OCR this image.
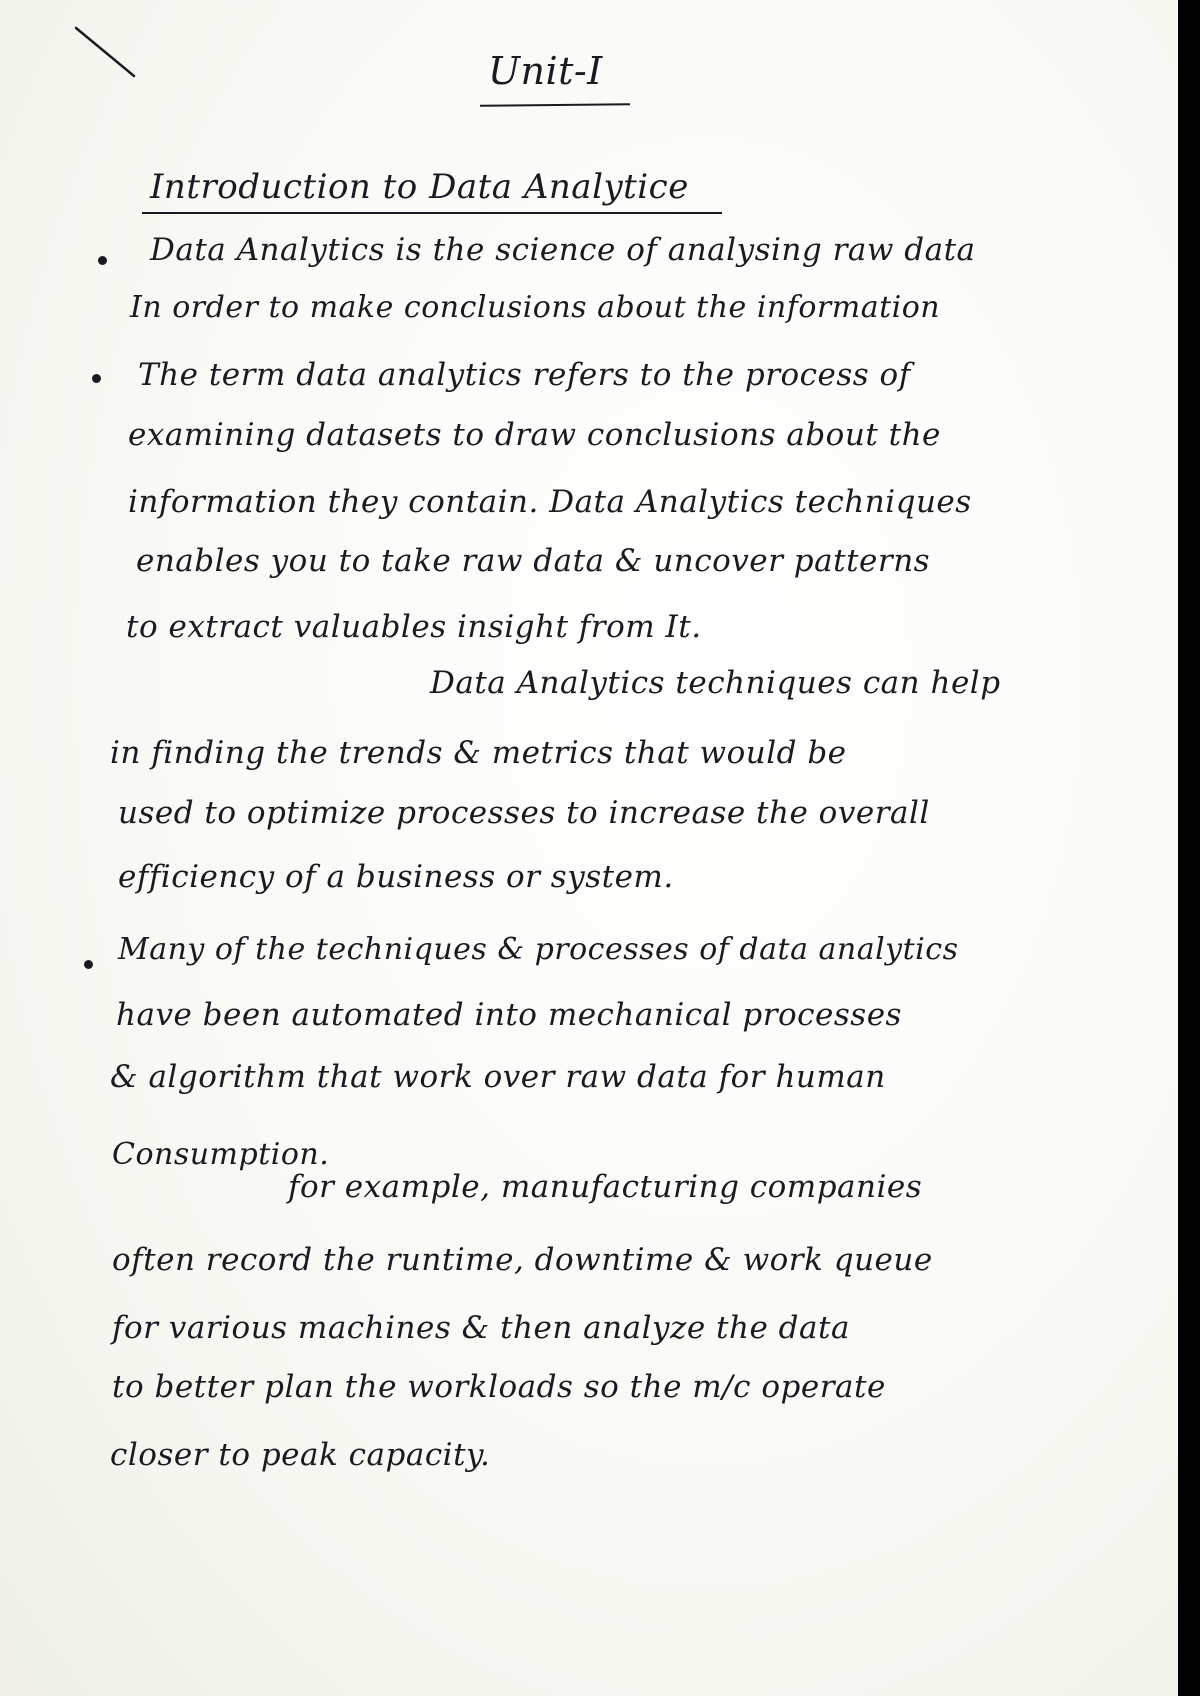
Unit-I
Introduction to Data Analytice
Data Analytics is the science of analysing raw data
In order to make conclusions about the information
The term data analytics refers to the process of
examining datasets to draw conclusions about the
information they contain. Data Analytics techniques
enables you to take raw data & uncover patterns
to extract valuables insight from It.
Data Analytics techniques can help
in finding the trends & metrics that would be
used to optimize processes to increase the overall
efficiency of a business or system.
Many of the techniques & processes of data analytics
have been automated into mechanical processes
& algorithm that work over raw data for human
Consumption.
for example, manufacturing companies
often record the runtime, downtime & work queue
for various machines & then analyze the data
to better plan the workloads so the m/c operate
closer to peak capacity.
